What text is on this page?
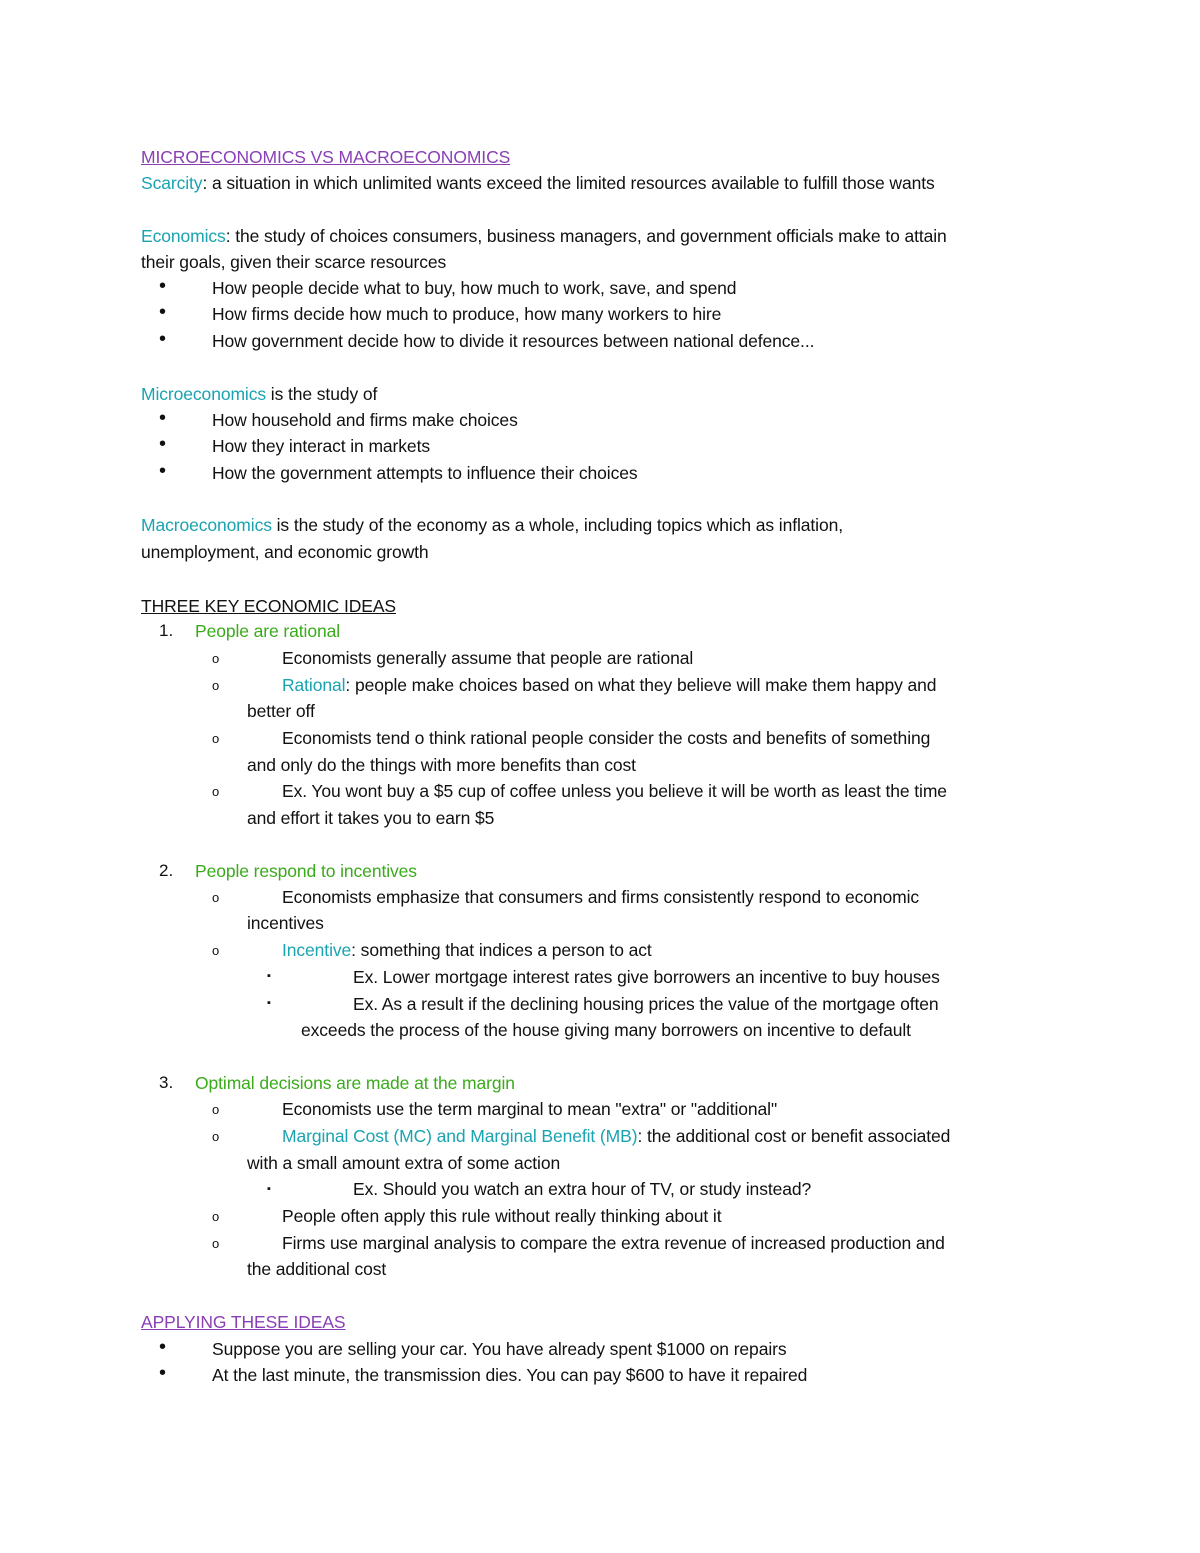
MICROECONOMICS VS MACROECONOMICS
Scarcity: a situation in which unlimited wants exceed the limited resources available to fulfill those wants
Economics: the study of choices consumers, business managers, and government officials make to attain
their goals, given their scarce resources
•	How people decide what to buy, how much to work, save, and spend
•	How firms decide how much to produce, how many workers to hire
•	How government decide how to divide it resources between national defence...
Microeconomics is the study of
•	How household and firms make choices
•	How they interact in markets
•	How the government attempts to influence their choices
Macroeconomics is the study of the economy as a whole, including topics which as inflation,
unemployment, and economic growth
THREE KEY ECONOMIC IDEAS
1. People are rational
o	Economists generally assume that people are rational
o	Rational: people make choices based on what they believe will make them happy and
better off
o	Economists tend o think rational people consider the costs and benefits of something
and only do the things with more benefits than cost
o	Ex. You wont buy a $5 cup of coffee unless you believe it will be worth as least the time
and effort it takes you to earn $5
2. People respond to incentives
o	Economists emphasize that consumers and firms consistently respond to economic
incentives
o	Incentive: something that indices a person to act
▪	Ex. Lower mortgage interest rates give borrowers an incentive to buy houses
▪	Ex. As a result if the declining housing prices the value of the mortgage often
exceeds the process of the house giving many borrowers on incentive to default
3. Optimal decisions are made at the margin
o	Economists use the term marginal to mean "extra" or "additional"
o	Marginal Cost (MC) and Marginal Benefit (MB): the additional cost or benefit associated
with a small amount extra of some action
▪	Ex. Should you watch an extra hour of TV, or study instead?
o	People often apply this rule without really thinking about it
o	Firms use marginal analysis to compare the extra revenue of increased production and
the additional cost
APPLYING THESE IDEAS
•	Suppose you are selling your car. You have already spent $1000 on repairs
•	At the last minute, the transmission dies. You can pay $600 to have it repaired
